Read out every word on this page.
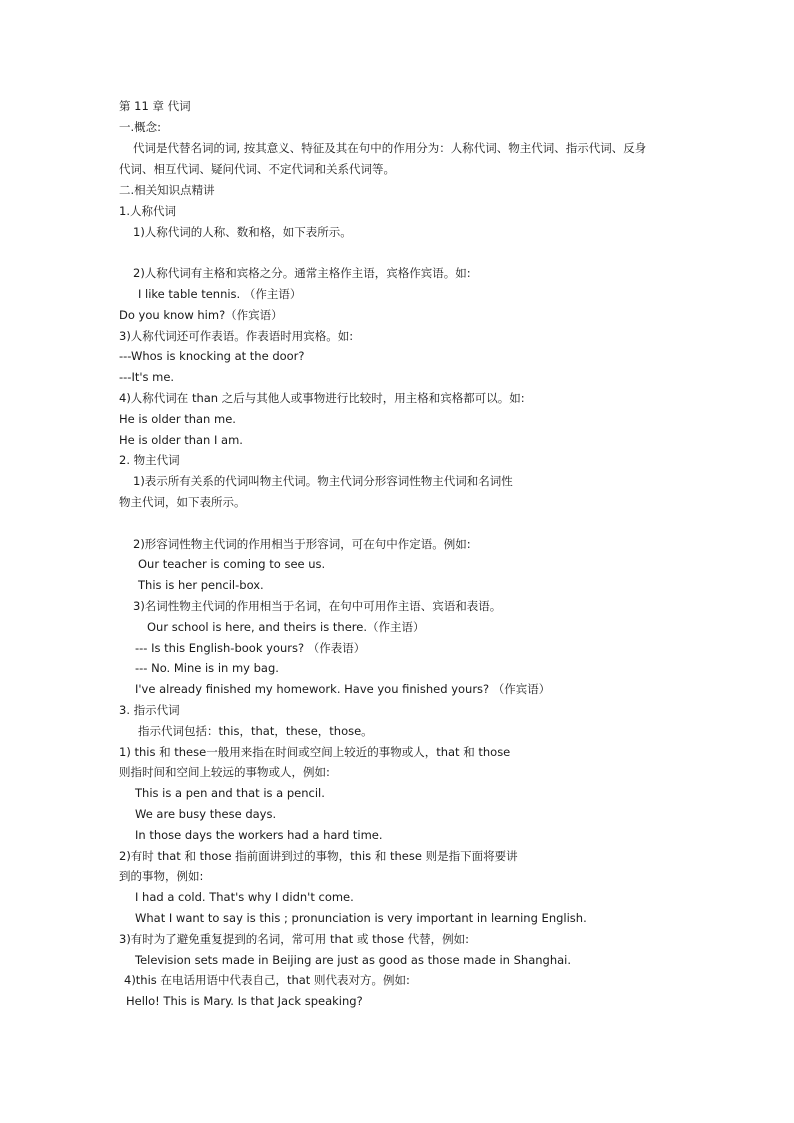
第 11 章 代词
一.概念:
代词是代替名词的词, 按其意义、特征及其在句中的作用分为：人称代词、物主代词、指示代词、反身
代词、相互代词、疑问代词、不定代词和关系代词等。
二.相关知识点精讲
1.人称代词
1)人称代词的人称、数和格，如下表所示。
2)人称代词有主格和宾格之分。通常主格作主语，宾格作宾语。如:
I like table tennis. （作主语）
Do you know him?（作宾语）
3)人称代词还可作表语。作表语时用宾格。如:
---Whos is knocking at the door?
---It's me.
4)人称代词在 than 之后与其他人或事物进行比较时，用主格和宾格都可以。如:
He is older than me.
He is older than I am.
2. 物主代词
1)表示所有关系的代词叫物主代词。物主代词分形容词性物主代词和名词性
物主代词，如下表所示。
2)形容词性物主代词的作用相当于形容词，可在句中作定语。例如:
Our teacher is coming to see us.
This is her pencil-box.
3)名词性物主代词的作用相当于名词，在句中可用作主语、宾语和表语。
Our school is here, and theirs is there.（作主语）
--- Is this English-book yours? （作表语）
--- No. Mine is in my bag.
I've already finished my homework. Have you finished yours? （作宾语）
3. 指示代词
指示代词包括：this，that，these，those。
1) this 和 these一般用来指在时间或空间上较近的事物或人，that 和 those
则指时间和空间上较远的事物或人，例如:
This is a pen and that is a pencil.
We are busy these days.
In those days the workers had a hard time.
2)有时 that 和 those 指前面讲到过的事物，this 和 these 则是指下面将要讲
到的事物，例如:
I had a cold. That's why I didn't come.
What I want to say is this ; pronunciation is very important in learning English.
3)有时为了避免重复提到的名词，常可用 that 或 those 代替，例如:
Television sets made in Beijing are just as good as those made in Shanghai.
4)this 在电话用语中代表自己，that 则代表对方。例如:
Hello! This is Mary. Is that Jack speaking?
